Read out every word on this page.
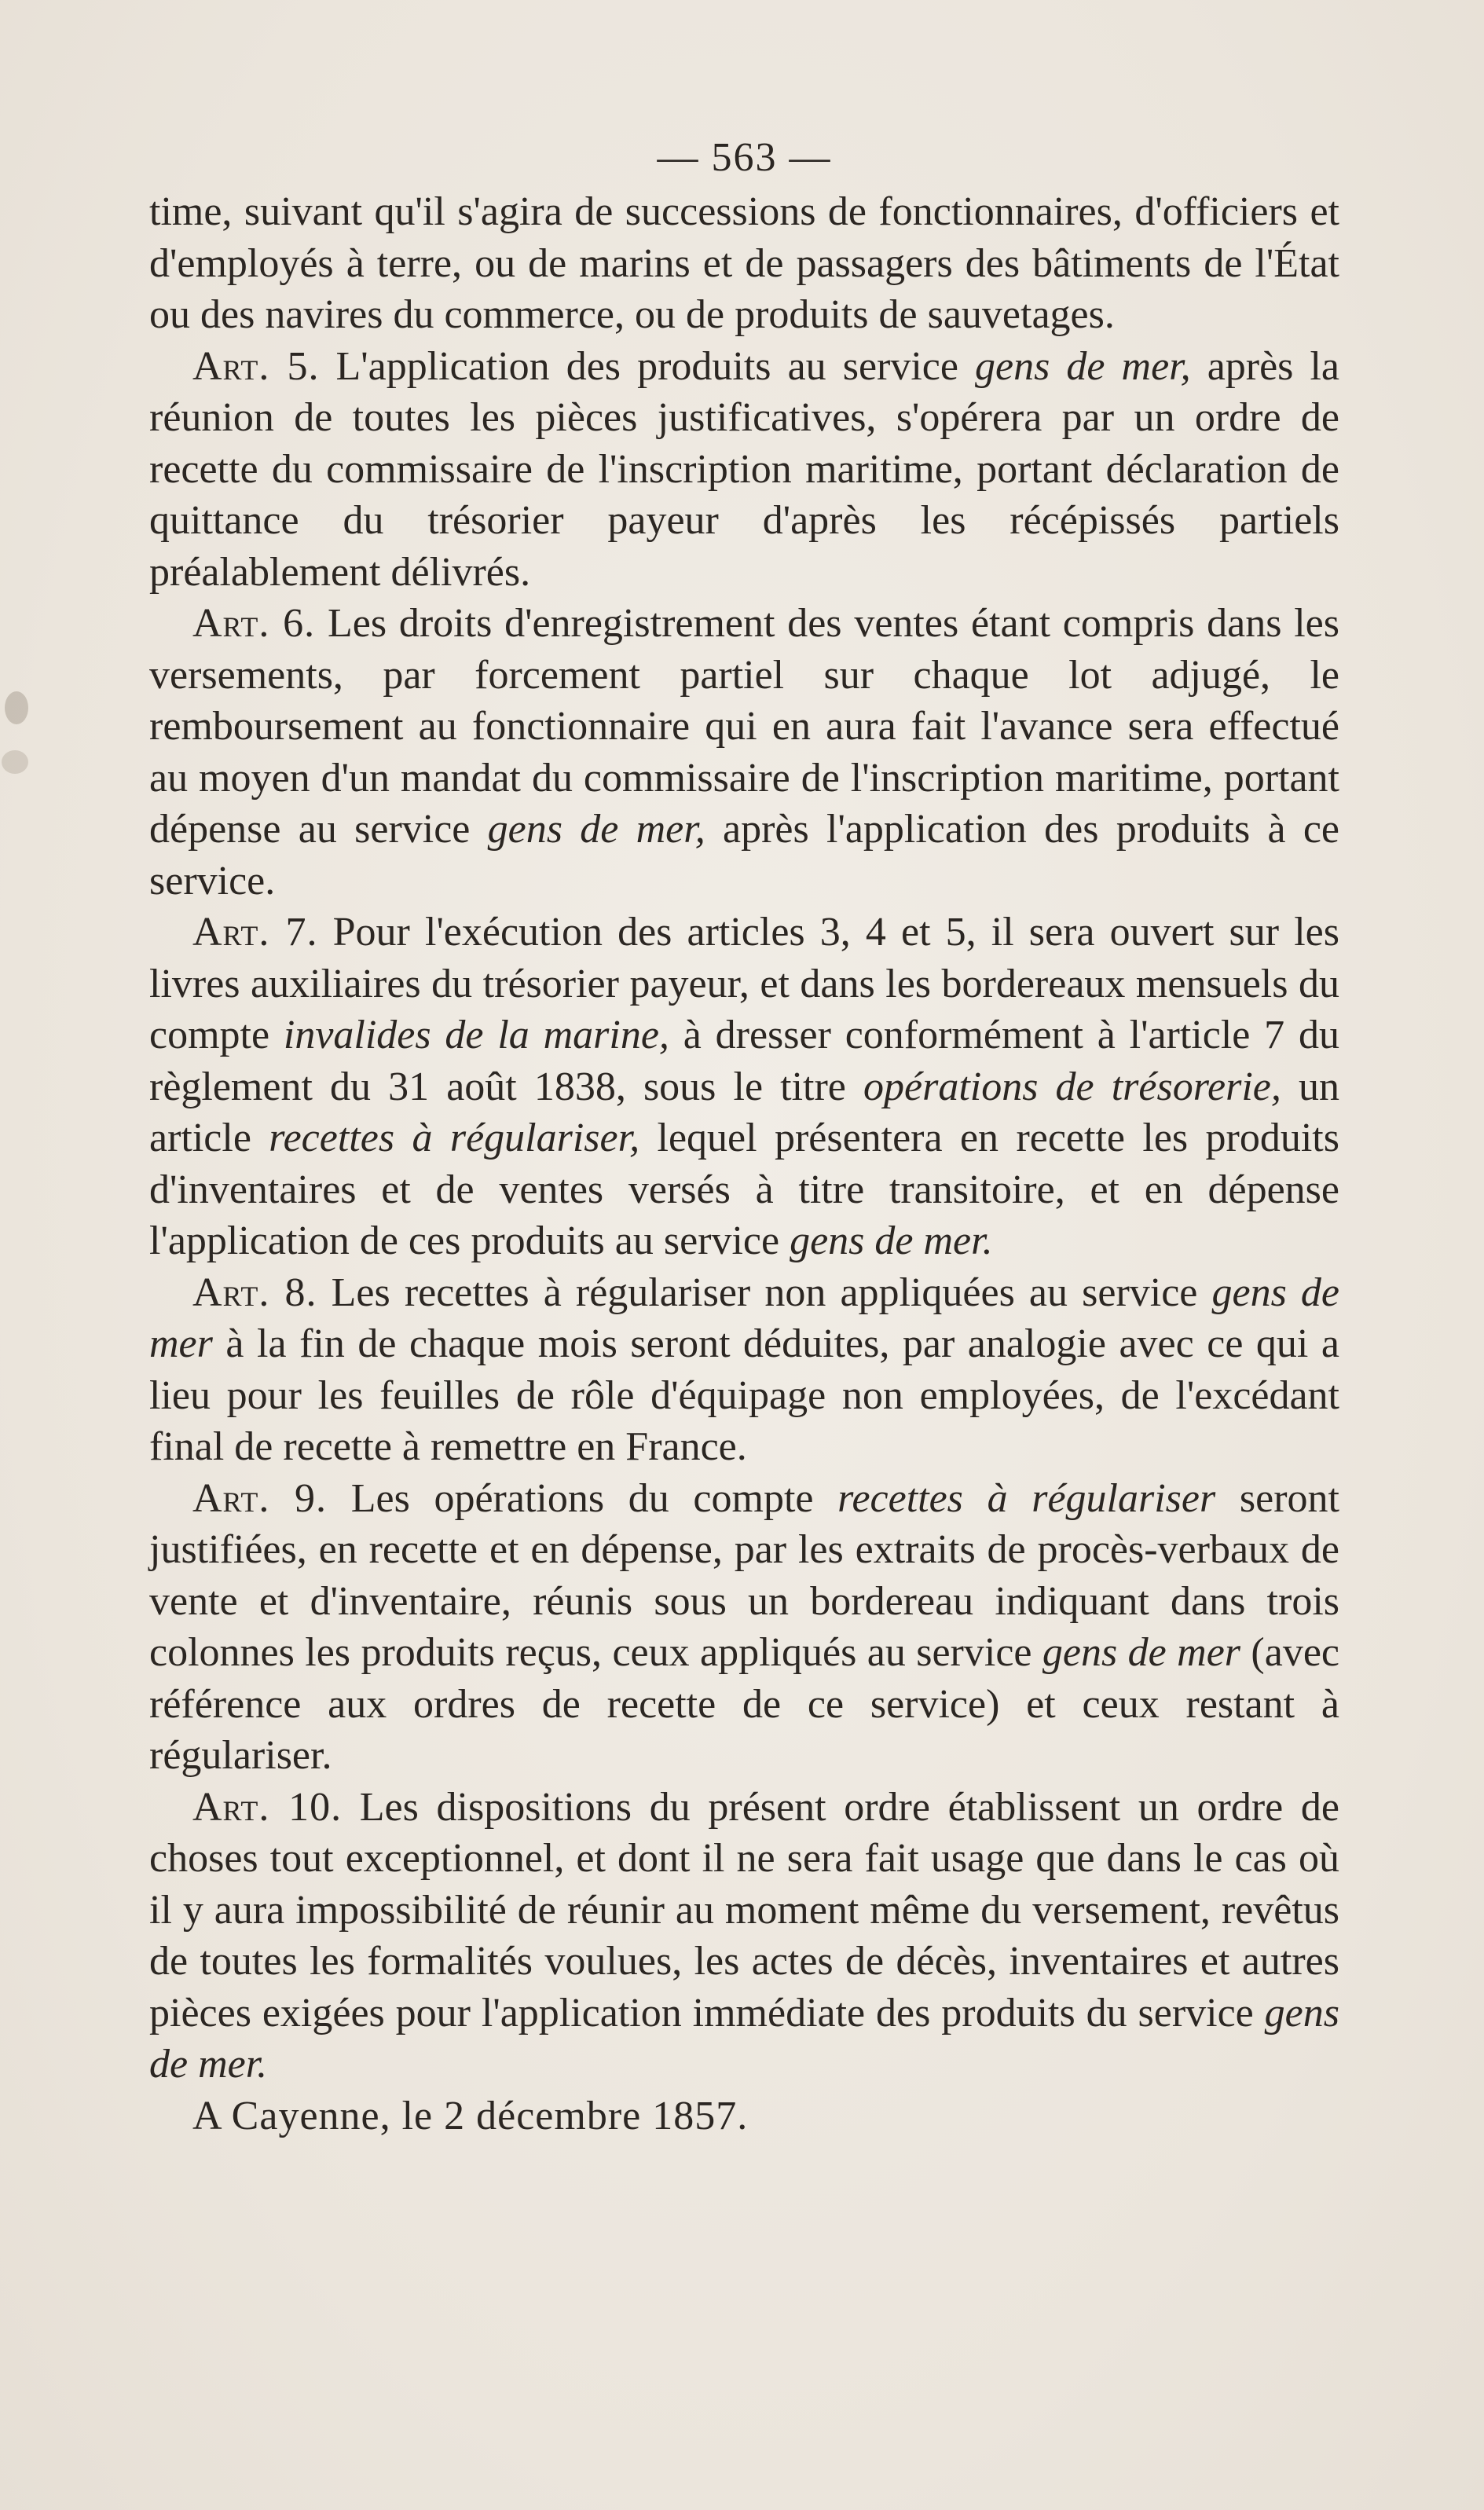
— 563 —

time, suivant qu'il s'agira de successions de fonctionnaires, d'officiers et d'employés à terre, ou de marins et de passagers des bâtiments de l'État ou des navires du commerce, ou de produits de sauvetages.

Art. 5. L'application des produits au service gens de mer, après la réunion de toutes les pièces justificatives, s'opérera par un ordre de recette du commissaire de l'inscription maritime, portant déclaration de quittance du trésorier payeur d'après les récépissés partiels préalablement délivrés.

Art. 6. Les droits d'enregistrement des ventes étant compris dans les versements, par forcement partiel sur chaque lot adjugé, le remboursement au fonctionnaire qui en aura fait l'avance sera effectué au moyen d'un mandat du commissaire de l'inscription maritime, portant dépense au service gens de mer, après l'application des produits à ce service.

Art. 7. Pour l'exécution des articles 3, 4 et 5, il sera ouvert sur les livres auxiliaires du trésorier payeur, et dans les bordereaux mensuels du compte invalides de la marine, à dresser conformément à l'article 7 du règlement du 31 août 1838, sous le titre opérations de trésorerie, un article recettes à régulariser, lequel présentera en recette les produits d'inventaires et de ventes versés à titre transitoire, et en dépense l'application de ces produits au service gens de mer.

Art. 8. Les recettes à régulariser non appliquées au service gens de mer à la fin de chaque mois seront déduites, par analogie avec ce qui a lieu pour les feuilles de rôle d'équipage non employées, de l'excédant final de recette à remettre en France.

Art. 9. Les opérations du compte recettes à régulariser seront justifiées, en recette et en dépense, par les extraits de procès-verbaux de vente et d'inventaire, réunis sous un bordereau indiquant dans trois colonnes les produits reçus, ceux appliqués au service gens de mer (avec référence aux ordres de recette de ce service) et ceux restant à régulariser.

Art. 10. Les dispositions du présent ordre établissent un ordre de choses tout exceptionnel, et dont il ne sera fait usage que dans le cas où il y aura impossibilité de réunir au moment même du versement, revêtus de toutes les formalités voulues, les actes de décès, inventaires et autres pièces exigées pour l'application immédiate des produits du service gens de mer.

A Cayenne, le 2 décembre 1857.
